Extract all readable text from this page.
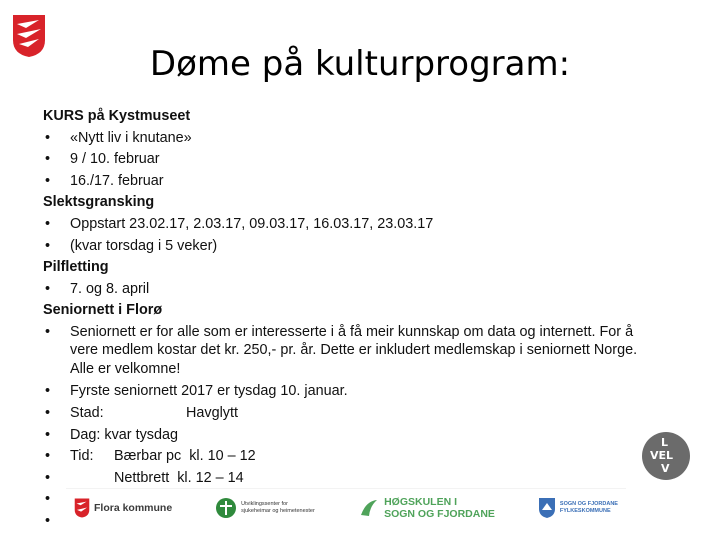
Døme på kulturprogram:
KURS på Kystmuseet
• «Nytt liv i knutane»
• 9 / 10. februar
• 16./17. februar
Slektsgransking
• Oppstart 23.02.17, 2.03.17, 09.03.17, 16.03.17, 23.03.17
• (kvar torsdag i 5 veker)
Pilfletting
• 7. og 8. april
Seniornett i Florø
• Seniornett er for alle som er interesserte i å få meir kunnskap om data og internett. For å vere medlem kostar det kr. 250,- pr. år. Dette er inkludert medlemskap i seniornett Norge. Alle er velkomne!
• Fyrste seniornett 2017 er tysdag 10. januar.
• Stad:	Havglytt
• Dag: kvar tysdag
• Tid: Bærbar pc kl. 10 – 12
• Nettbrett kl. 12 – 14
•
•
Flora kommune	Utviklingssenter for sjukeheimar og heimetenester
HØGSKULEN I
SOGN OG FJORDANE
SOGN OG FJORDANE
FYLKESKOMMUNE
L
VEL
V
